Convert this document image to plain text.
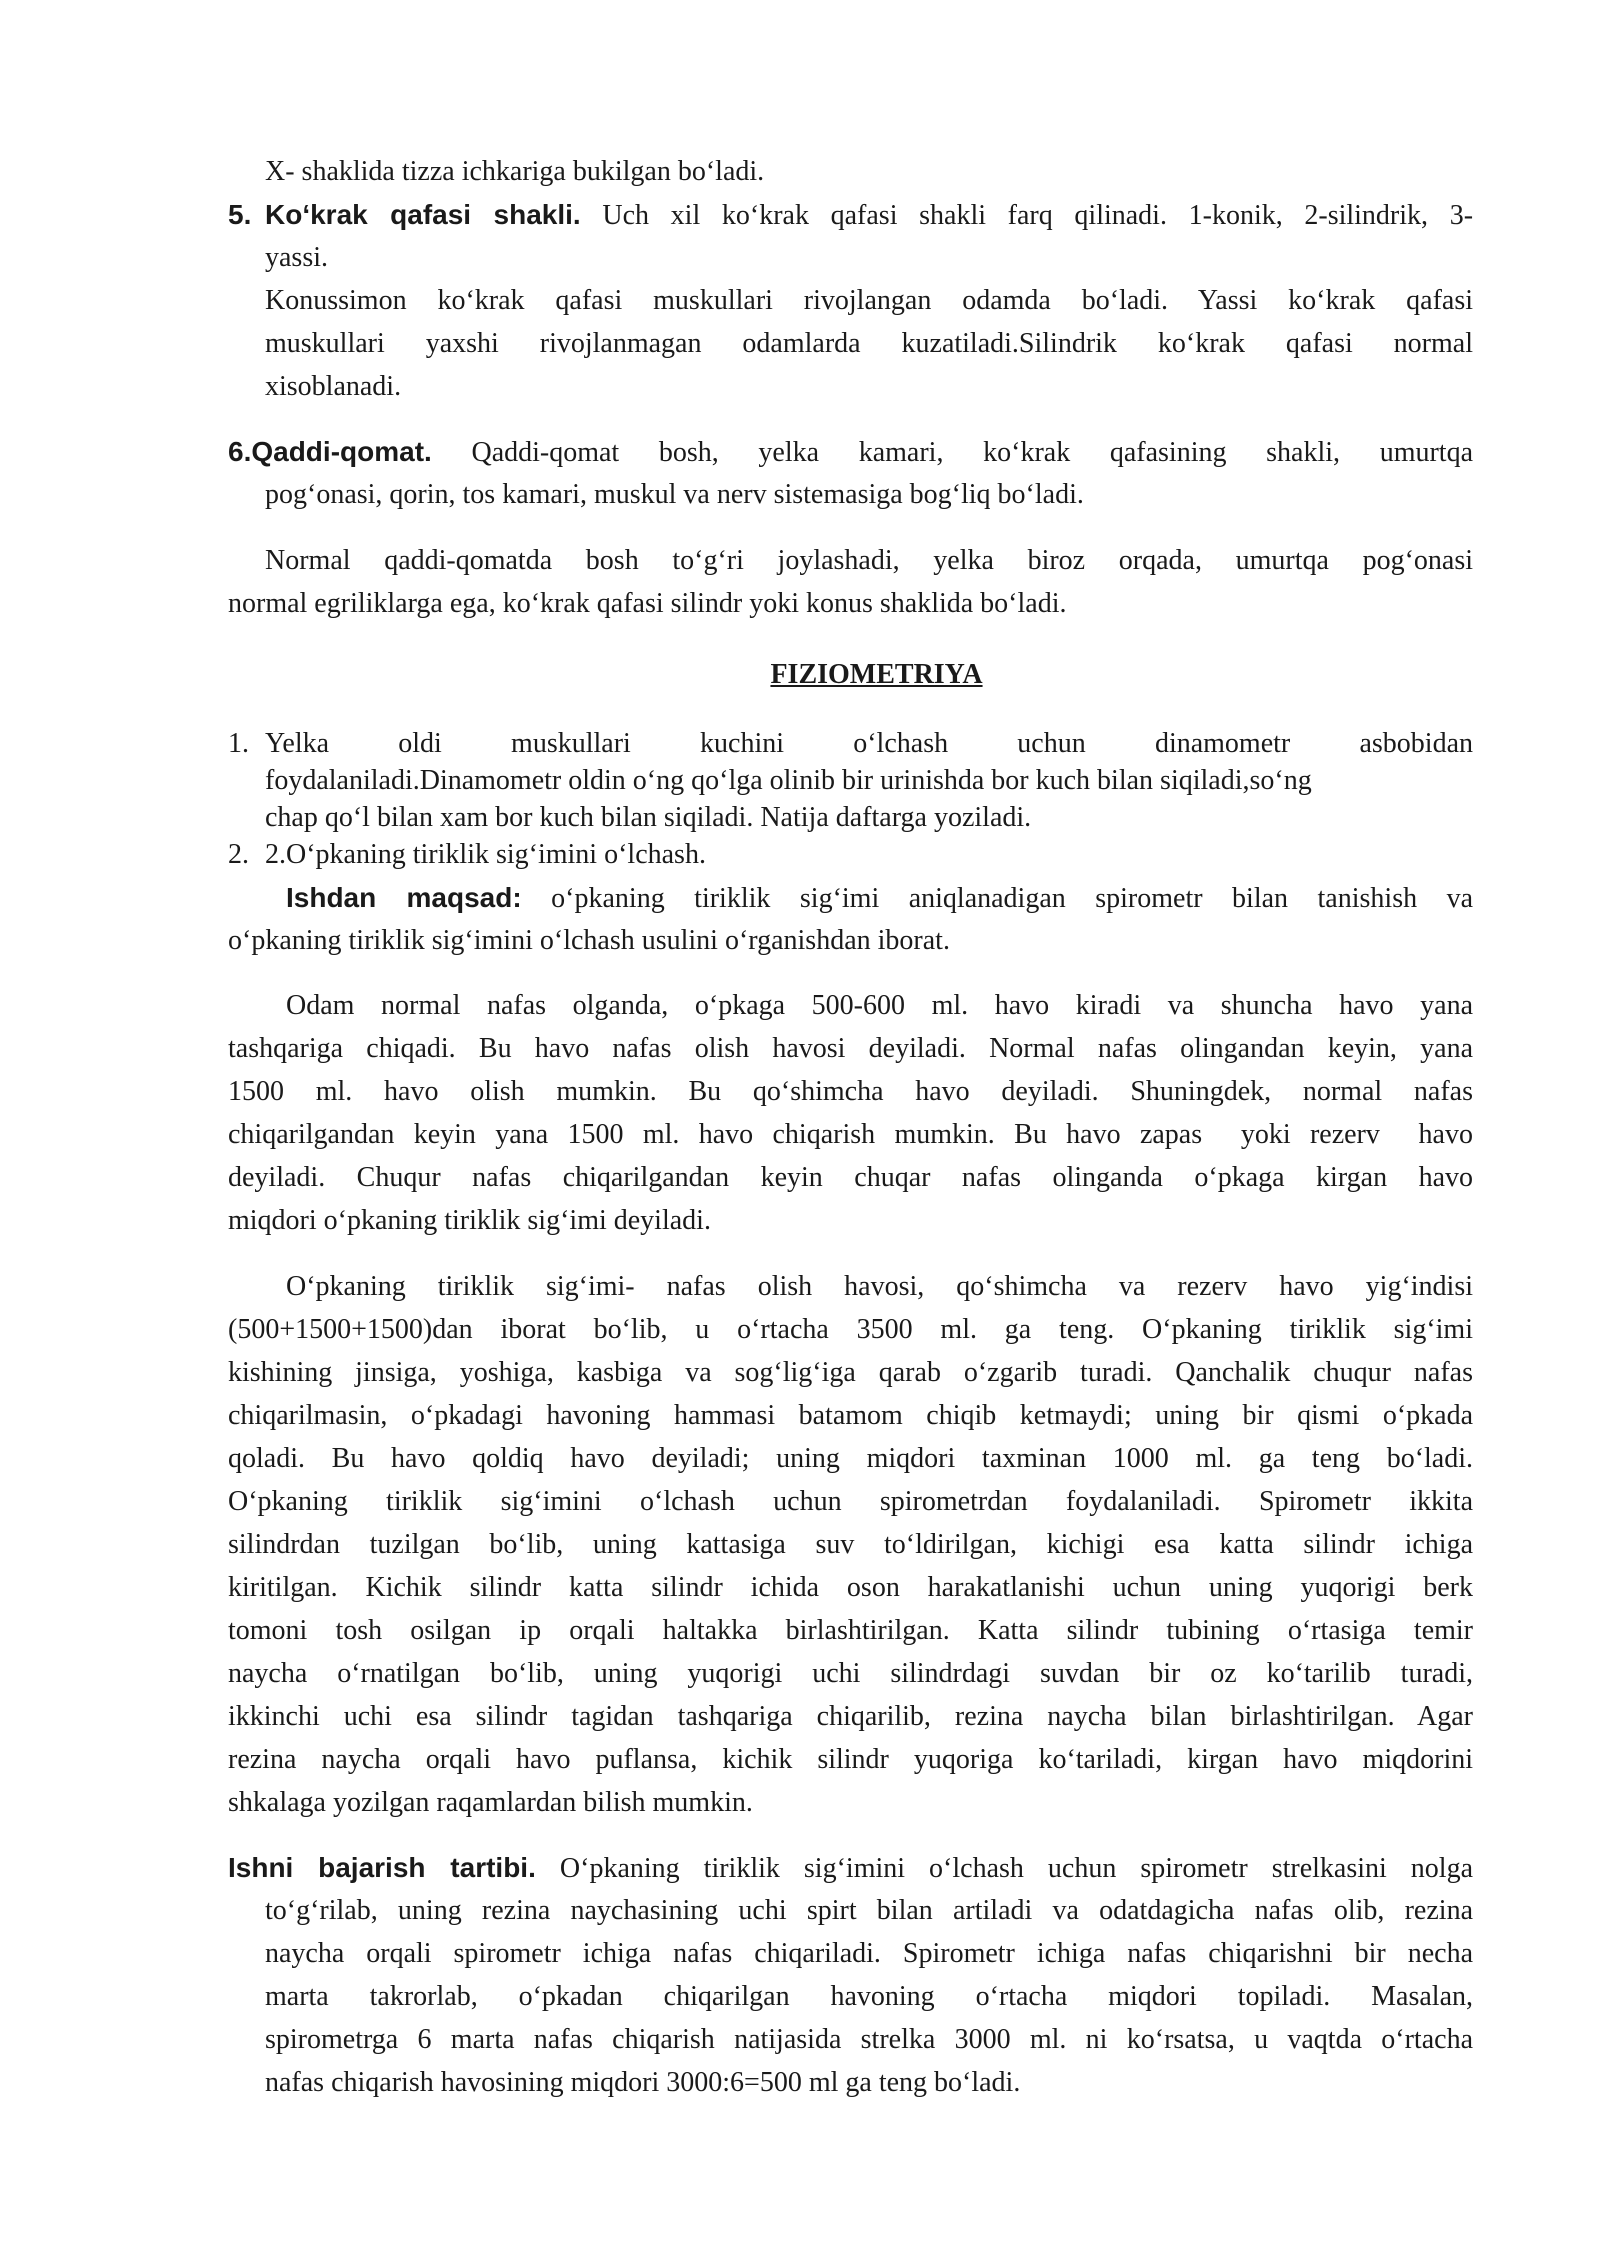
X- shaklida tizza ichkariga bukilgan bo‘ladi.
5. Ko‘krak qafasi shakli. Uch xil ko‘krak qafasi shakli farq qilinadi. 1-konik, 2-silindrik, 3-
yassi.
Konussimon ko‘krak qafasi muskullari rivojlangan odamda bo‘ladi. Yassi ko‘krak qafasi
muskullari yaxshi rivojlanmagan odamlarda kuzatiladi.Silindrik ko‘krak qafasi normal
xisoblanadi.
6.Qaddi-qomat. Qaddi-qomat bosh, yelka kamari, ko‘krak qafasining shakli, umurtqa
pog‘onasi, qorin, tos kamari, muskul va nerv sistemasiga bog‘liq bo‘ladi.
Normal qaddi-qomatda bosh to‘g‘ri joylashadi, yelka biroz orqada, umurtqa pog‘onasi
normal egriliklarga ega, ko‘krak qafasi silindr yoki konus shaklida bo‘ladi.
FIZIOMETRIYA
1. Yelka oldi muskullari kuchini o‘lchash uchun dinamometr asbobidan
foydalaniladi.Dinamometr oldin o‘ng qo‘lga olinib bir urinishda bor kuch bilan siqiladi,so‘ng
chap qo‘l bilan xam bor kuch bilan siqiladi. Natija daftarga yoziladi.
2. 2.O‘pkaning tiriklik sig‘imini o‘lchash.
Ishdan maqsad: o‘pkaning tiriklik sig‘imi aniqlanadigan spirometr bilan tanishish va
o‘pkaning tiriklik sig‘imini o‘lchash usulini o‘rganishdan iborat.
Odam normal nafas olganda, o‘pkaga 500-600 ml. havo kiradi va shuncha havo yana
tashqariga chiqadi. Bu havo nafas olish havosi deyiladi. Normal nafas olingandan keyin, yana
1500 ml. havo olish mumkin. Bu qo‘shimcha havo deyiladi. Shuningdek, normal nafas
chiqarilgandan keyin yana 1500 ml. havo chiqarish mumkin. Bu havo zapas  yoki rezerv  havo
deyiladi. Chuqur nafas chiqarilgandan keyin chuqar nafas olinganda o‘pkaga kirgan havo
miqdori o‘pkaning tiriklik sig‘imi deyiladi.
O‘pkaning tiriklik sig‘imi- nafas olish havosi, qo‘shimcha va rezerv havo yig‘indisi
(500+1500+1500)dan iborat bo‘lib, u o‘rtacha 3500 ml. ga teng. O‘pkaning tiriklik sig‘imi
kishining jinsiga, yoshiga, kasbiga va sog‘lig‘iga qarab o‘zgarib turadi. Qanchalik chuqur nafas
chiqarilmasin, o‘pkadagi havoning hammasi batamom chiqib ketmaydi; uning bir qismi o‘pkada
qoladi. Bu havo qoldiq havo deyiladi; uning miqdori taxminan 1000 ml. ga teng bo‘ladi.
O‘pkaning tiriklik sig‘imini o‘lchash uchun spirometrdan foydalaniladi. Spirometr ikkita
silindrdan tuzilgan bo‘lib, uning kattasiga suv to‘ldirilgan, kichigi esa katta silindr ichiga
kiritilgan. Kichik silindr katta silindr ichida oson harakatlanishi uchun uning yuqorigi berk
tomoni tosh osilgan ip orqali haltakka birlashtirilgan. Katta silindr tubining o‘rtasiga temir
naycha o‘rnatilgan bo‘lib, uning yuqorigi uchi silindrdagi suvdan bir oz ko‘tarilib turadi,
ikkinchi uchi esa silindr tagidan tashqariga chiqarilib, rezina naycha bilan birlashtirilgan. Agar
rezina naycha orqali havo puflansa, kichik silindr yuqoriga ko‘tariladi, kirgan havo miqdorini
shkalaga yozilgan raqamlardan bilish mumkin.
Ishni bajarish tartibi. O‘pkaning tiriklik sig‘imini o‘lchash uchun spirometr strelkasini nolga
to‘g‘rilab, uning rezina naychasining uchi spirt bilan artiladi va odatdagicha nafas olib, rezina
naycha orqali spirometr ichiga nafas chiqariladi. Spirometr ichiga nafas chiqarishni bir necha
marta takrorlab, o‘pkadan chiqarilgan havoning o‘rtacha miqdori topiladi. Masalan,
spirometrga 6 marta nafas chiqarish natijasida strelka 3000 ml. ni ko‘rsatsa, u vaqtda o‘rtacha
nafas chiqarish havosining miqdori 3000:6=500 ml ga teng bo‘ladi.
